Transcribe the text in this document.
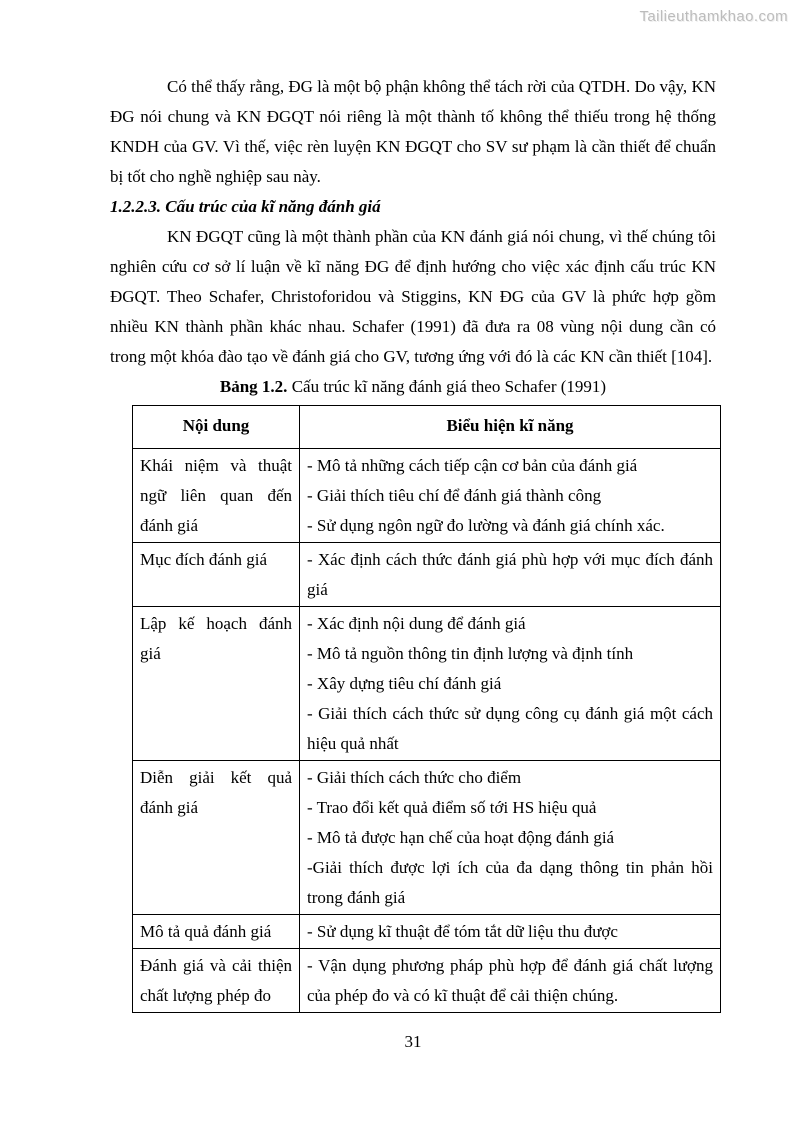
Tailieuthamkhao.com

Có thể thấy rằng, ĐG là một bộ phận không thể tách rời của QTDH. Do vậy, KN ĐG nói chung và KN ĐGQT nói riêng là một thành tố không thể thiếu trong hệ thống KNDH của GV. Vì thế, việc rèn luyện KN ĐGQT cho SV sư phạm là cần thiết để chuẩn bị tốt cho nghề nghiệp sau này.

1.2.2.3. Cấu trúc của kĩ năng đánh giá

KN ĐGQT cũng là một thành phần của KN đánh giá nói chung, vì thế chúng tôi nghiên cứu cơ sở lí luận về kĩ năng ĐG để định hướng cho việc xác định cấu trúc KN ĐGQT. Theo Schafer, Christoforidou và Stiggins, KN ĐG của GV là phức hợp gồm nhiều KN thành phần khác nhau. Schafer (1991) đã đưa ra 08 vùng nội dung cần có trong một khóa đào tạo về đánh giá cho GV, tương ứng với đó là các KN cần thiết [104].

Bảng 1.2. Cấu trúc kĩ năng đánh giá theo Schafer (1991)
Nội dung	Biểu hiện kĩ năng
Khái niệm và thuật ngữ liên quan đến đánh giá	- Mô tả những cách tiếp cận cơ bản của đánh giá
- Giải thích tiêu chí để đánh giá thành công
- Sử dụng ngôn ngữ đo lường và đánh giá chính xác.

Mục đích đánh giá	- Xác định cách thức đánh giá phù hợp với mục đích đánh giá

Lập kế hoạch đánh giá	- Xác định nội dung để đánh giá
- Mô tả nguồn thông tin định lượng và định tính
- Xây dựng tiêu chí đánh giá
- Giải thích cách thức sử dụng công cụ đánh giá một cách hiệu quả nhất

Diễn giải kết quả đánh giá	- Giải thích cách thức cho điểm
- Trao đổi kết quả điểm số tới HS hiệu quả
- Mô tả được hạn chế của hoạt động đánh giá
-Giải thích được lợi ích của đa dạng thông tin phản hồi trong đánh giá

Mô tả quả đánh giá	- Sử dụng kĩ thuật để tóm tắt dữ liệu thu được

Đánh giá và cải thiện chất lượng phép đo	- Vận dụng phương pháp phù hợp để đánh giá chất lượng của phép đo và có kĩ thuật để cải thiện chúng.
31
